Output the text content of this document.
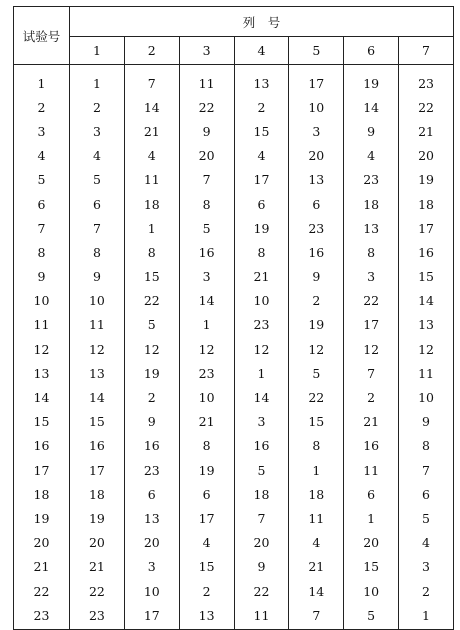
试验号	列　号						
	1	2	3	4	5	6	7
1	1	7	11	13	17	19	23
2	2	14	22	2	10	14	22
3	3	21	9	15	3	9	21
4	4	4	20	4	20	4	20
5	5	11	7	17	13	23	19
6	6	18	8	6	6	18	18
7	7	1	5	19	23	13	17
8	8	8	16	8	16	8	16
9	9	15	3	21	9	3	15
10	10	22	14	10	2	22	14
11	11	5	1	23	19	17	13
12	12	12	12	12	12	12	12
13	13	19	23	1	5	7	11
14	14	2	10	14	22	2	10
15	15	9	21	3	15	21	9
16	16	16	8	16	8	16	8
17	17	23	19	5	1	11	7
18	18	6	6	18	18	6	6
19	19	13	17	7	11	1	5
20	20	20	4	20	4	20	4
21	21	3	15	9	21	15	3
22	22	10	2	22	14	10	2
23	23	17	13	11	7	5	1
